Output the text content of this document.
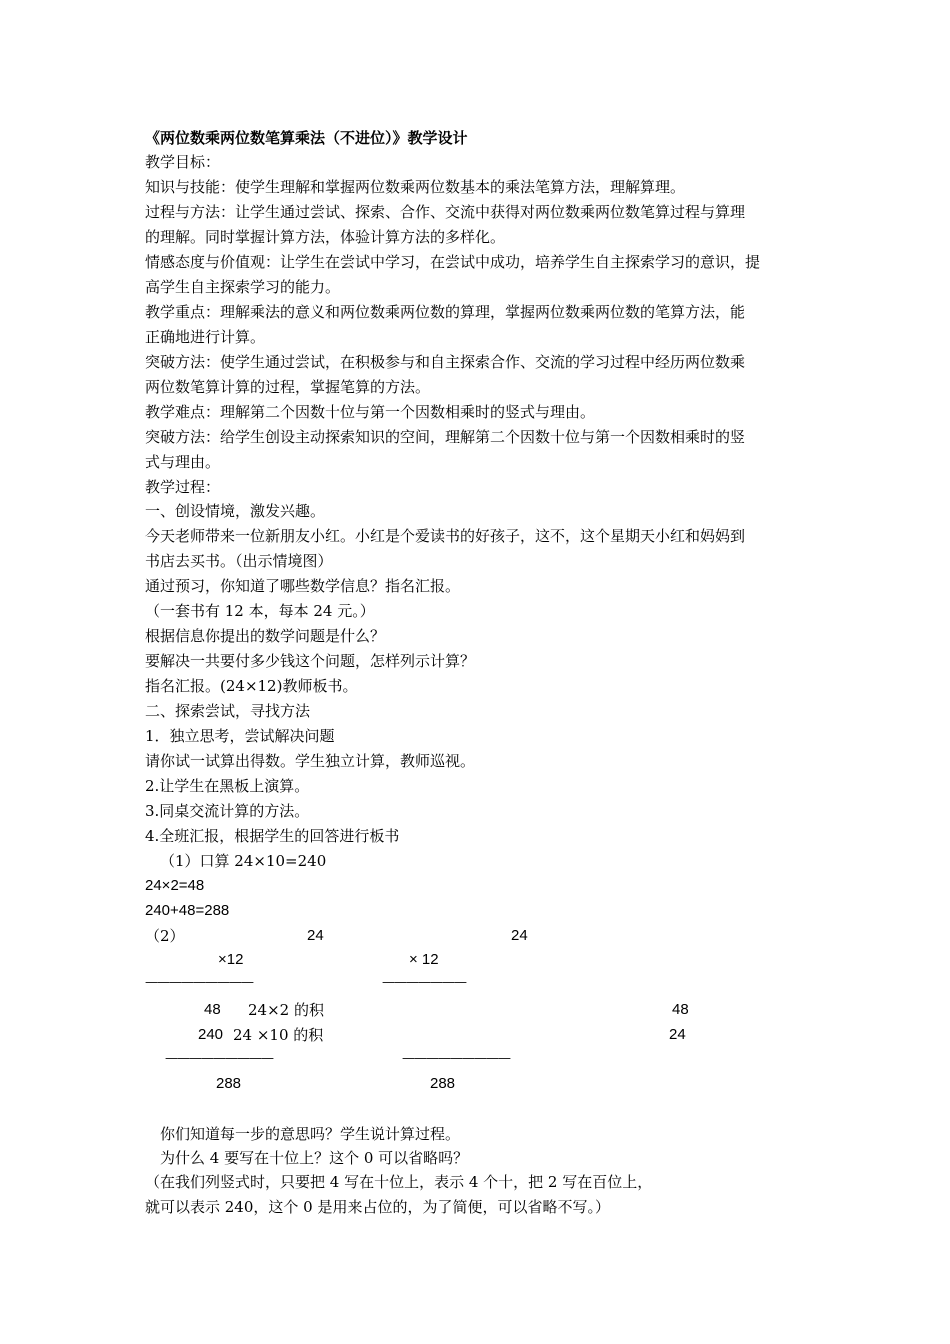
《两位数乘两位数笔算乘法（不进位）》教学设计
教学目标：
知识与技能：使学生理解和掌握两位数乘两位数基本的乘法笔算方法，理解算理。
过程与方法：让学生通过尝试、探索、合作、交流中获得对两位数乘两位数笔算过程与算理
的理解。同时掌握计算方法，体验计算方法的多样化。
情感态度与价值观：让学生在尝试中学习，在尝试中成功，培养学生自主探索学习的意识，提
高学生自主探索学习的能力。
教学重点：理解乘法的意义和两位数乘两位数的算理，掌握两位数乘两位数的笔算方法，能
正确地进行计算。
突破方法：使学生通过尝试，在积极参与和自主探索合作、交流的学习过程中经历两位数乘
两位数笔算计算的过程，掌握笔算的方法。
教学难点：理解第二个因数十位与第一个因数相乘时的竖式与理由。
突破方法：给学生创设主动探索知识的空间，理解第二个因数十位与第一个因数相乘时的竖
式与理由。
教学过程：
一、创设情境，激发兴趣。
今天老师带来一位新朋友小红。小红是个爱读书的好孩子，这不，这个星期天小红和妈妈到
书店去买书。（出示情境图）
通过预习，你知道了哪些数学信息？指名汇报。
（一套书有 12 本，每本 24 元。）
根据信息你提出的数学问题是什么？
要解决一共要付多少钱这个问题，怎样列示计算？
指名汇报。(24×12)教师板书。
二、探索尝试，寻找方法
1．独立思考，尝试解决问题
请你试一试算出得数。学生独立计算，教师巡视。
2.让学生在黑板上演算。
3.同桌交流计算的方法。
4.全班汇报，根据学生的回答进行板书
（1）口算 24×10=240
24×2=48
240+48=288
（2）	24
×12
—————————
48 24×2 的积
240 24 ×10 的积
—————————
288
24
× 12
———————
48
24
—————————
288
你们知道每一步的意思吗？学生说计算过程。
为什么 4 要写在十位上？这个 0 可以省略吗？
（在我们列竖式时，只要把 4 写在十位上，表示 4 个十，把 2 写在百位上，
就可以表示 240，这个 0 是用来占位的，为了简便，可以省略不写。）
